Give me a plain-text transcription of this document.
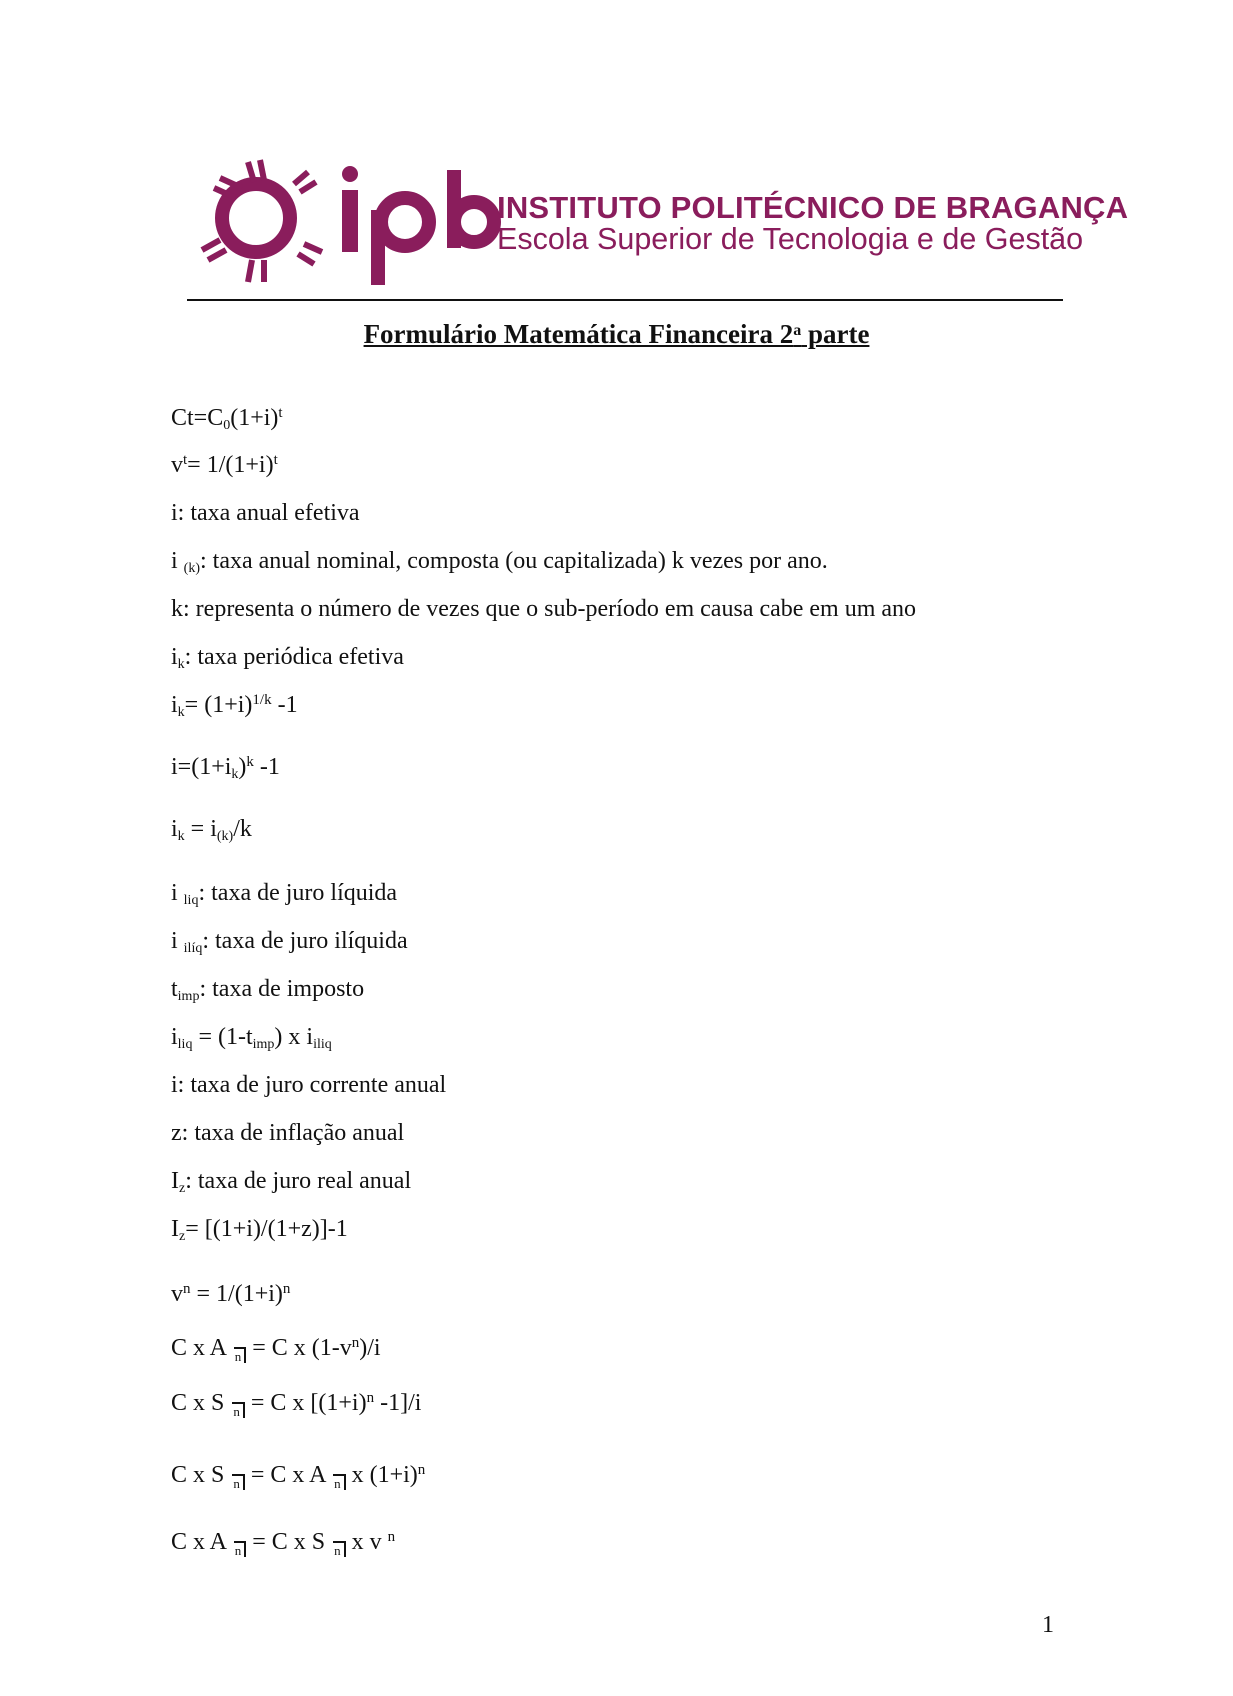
ipb
INSTITUTO POLITÉCNICO DE BRAGANÇA
Escola Superior de Tecnologia e de Gestão
Formulário Matemática Financeira 2$^a$ parte
$Ct=C_0(1+i)^t$
$v^t= 1/(1+i)^t$
i: taxa anual efetiva
i $_{(k)}$: taxa anual nominal, composta (ou capitalizada) k vezes por ano.
k: representa o número de vezes que o sub-período em causa cabe em um ano
$i_k$: taxa periódica efetiva
$i_k= (1+i)^{1/k}$ -1
$i=(1+i_k)^k$ -1
$i_k = i_{(k)}/k$
i $_{liq}$: taxa de juro líquida
i $_{ilíq}$: taxa de juro ilíquida
$t_{imp}$: taxa de imposto
$i_{liq} = (1-t_{imp})$ x $i_{iliq}$
i: taxa de juro corrente anual
z: taxa de inflação anual
$I_z$: taxa de juro real anual
$I_z= [(1+i)/(1+z)]-1$
$v^n = 1/(1+i)^n$
C x A n = C x $(1-v^n)/i$
C x S n = C x [$(1+i)^n$ -1]/i
C x S n = C x A n x $(1+i)^n$
C x A n = C x S n x v $^n$
1
